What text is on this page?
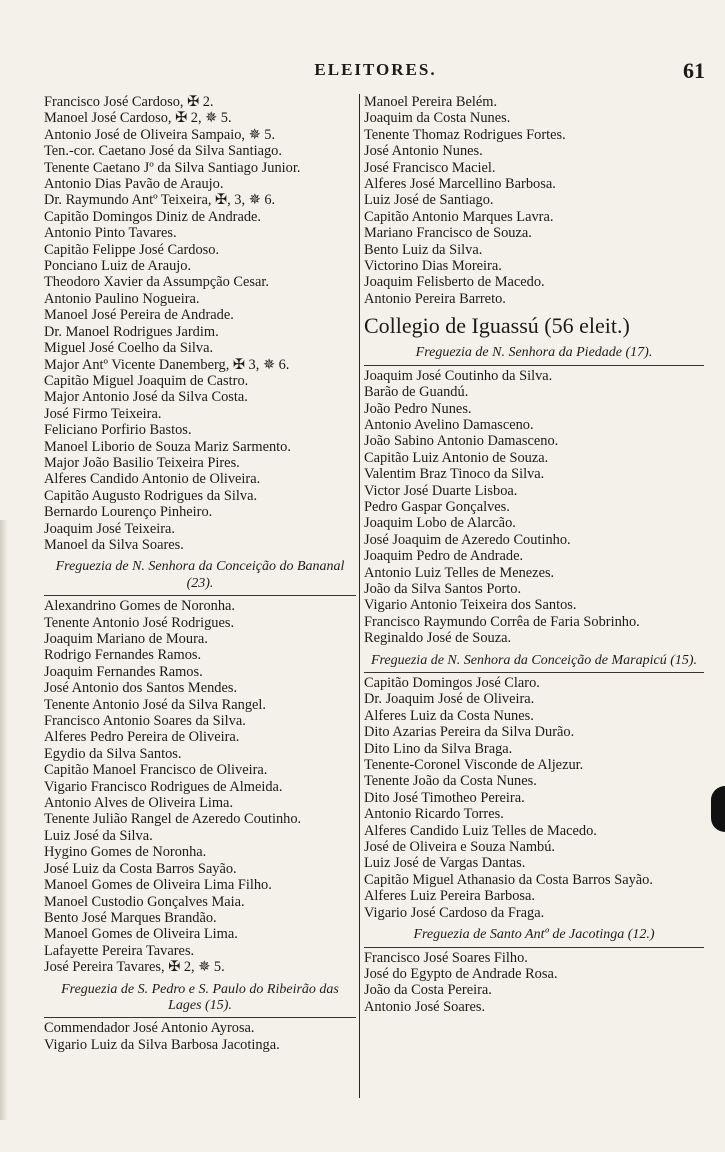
ELEITORES.	61
Francisco José Cardoso, ✠ 2.
Manoel José Cardoso, ✠ 2, ✵ 5.
Antonio José de Oliveira Sampaio, ✵ 5.
Ten.-cor. Caetano José da Silva Santiago.
Tenente Caetano Jº da Silva Santiago Junior.
Antonio Dias Pavão de Araujo.
Dr. Raymundo Antº Teixeira, ✠, 3, ✵ 6.
Capitão Domingos Diniz de Andrade.
Antonio Pinto Tavares.
Capitão Felippe José Cardoso.
Ponciano Luiz de Araujo.
Theodoro Xavier da Assumpção Cesar.
Antonio Paulino Nogueira.
Manoel José Pereira de Andrade.
Dr. Manoel Rodrigues Jardim.
Miguel José Coelho da Silva.
Major Antº Vicente Danemberg, ✠ 3, ✵ 6.
Capitão Miguel Joaquim de Castro.
Major Antonio José da Silva Costa.
José Firmo Teixeira.
Feliciano Porfirio Bastos.
Manoel Liborio de Souza Mariz Sarmento.
Major João Basilio Teixeira Pires.
Alferes Candido Antonio de Oliveira.
Capitão Augusto Rodrigues da Silva.
Bernardo Lourenço Pinheiro.
Joaquim José Teixeira.
Manoel da Silva Soares.
Freguezia de N. Senhora da Conceição do Bananal (23).
Alexandrino Gomes de Noronha.
Tenente Antonio José Rodrigues.
Joaquim Mariano de Moura.
Rodrigo Fernandes Ramos.
Joaquim Fernandes Ramos.
José Antonio dos Santos Mendes.
Tenente Antonio José da Silva Rangel.
Francisco Antonio Soares da Silva.
Alferes Pedro Pereira de Oliveira.
Egydio da Silva Santos.
Capitão Manoel Francisco de Oliveira.
Vigario Francisco Rodrigues de Almeida.
Antonio Alves de Oliveira Lima.
Tenente Julião Rangel de Azeredo Coutinho.
Luiz José da Silva.
Hygino Gomes de Noronha.
José Luiz da Costa Barros Sayão.
Manoel Gomes de Oliveira Lima Filho.
Manoel Custodio Gonçalves Maia.
Bento José Marques Brandão.
Manoel Gomes de Oliveira Lima.
Lafayette Pereira Tavares.
José Pereira Tavares, ✠ 2, ✵ 5.
Freguezia de S. Pedro e S. Paulo do Ribeirão das Lages (15).
Commendador José Antonio Ayrosa.
Vigario Luiz da Silva Barbosa Jacotinga.
Manoel Pereira Belém.
Joaquim da Costa Nunes.
Tenente Thomaz Rodrigues Fortes.
José Antonio Nunes.
José Francisco Maciel.
Alferes José Marcellino Barbosa.
Luiz José de Santiago.
Capitão Antonio Marques Lavra.
Mariano Francisco de Souza.
Bento Luiz da Silva.
Victorino Dias Moreira.
Joaquim Felisberto de Macedo.
Antonio Pereira Barreto.
Collegio de Iguassú (56 eleit.)
Freguezia de N. Senhora da Piedade (17).
Joaquim José Coutinho da Silva.
Barão de Guandú.
João Pedro Nunes.
Antonio Avelino Damasceno.
João Sabino Antonio Damasceno.
Capitão Luiz Antonio de Souza.
Valentim Braz Tinoco da Silva.
Victor José Duarte Lisboa.
Pedro Gaspar Gonçalves.
Joaquim Lobo de Alarcão.
José Joaquim de Azeredo Coutinho.
Joaquim Pedro de Andrade.
Antonio Luiz Telles de Menezes.
João da Silva Santos Porto.
Vigario Antonio Teixeira dos Santos.
Francisco Raymundo Corrêa de Faria Sobrinho.
Reginaldo José de Souza.
Freguezia de N. Senhora da Conceição de Marapicú (15).
Capitão Domingos José Claro.
Dr. Joaquim José de Oliveira.
Alferes Luiz da Costa Nunes.
Dito Azarias Pereira da Silva Durão.
Dito Lino da Silva Braga.
Tenente-Coronel Visconde de Aljezur.
Tenente João da Costa Nunes.
Dito José Timotheo Pereira.
Antonio Ricardo Torres.
Alferes Candido Luiz Telles de Macedo.
José de Oliveira e Souza Nambú.
Luiz José de Vargas Dantas.
Capitão Miguel Athanasio da Costa Barros Sayão.
Alferes Luiz Pereira Barbosa.
Vigario José Cardoso da Fraga.
Freguezia de Santo Antº de Jacotinga (12.)
Francisco José Soares Filho.
José do Egypto de Andrade Rosa.
João da Costa Pereira.
Antonio José Soares.
